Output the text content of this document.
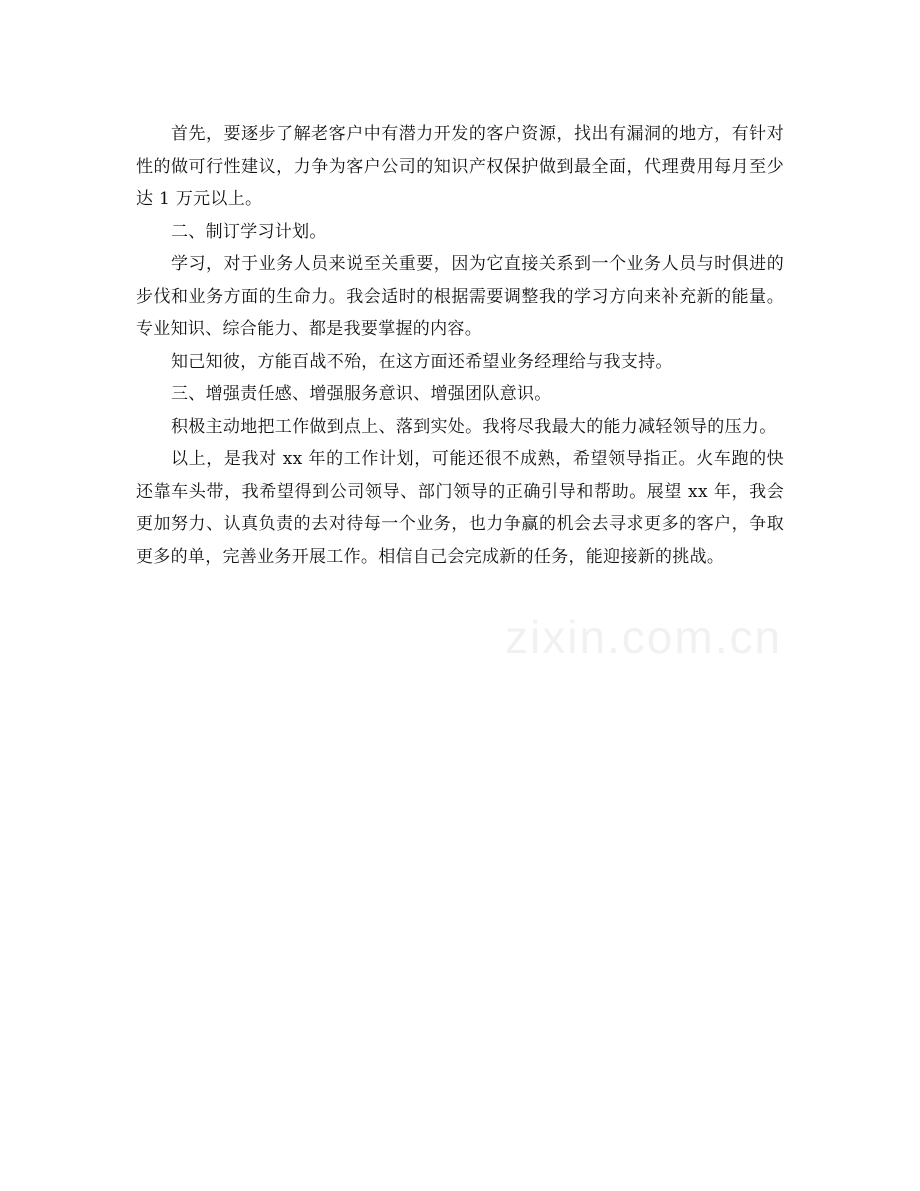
首先，要逐步了解老客户中有潜力开发的客户资源，找出有漏洞的地方，有针对性的做可行性建议，力争为客户公司的知识产权保护做到最全面，代理费用每月至少达 1 万元以上。

二、制订学习计划。

学习，对于业务人员来说至关重要，因为它直接关系到一个业务人员与时俱进的步伐和业务方面的生命力。我会适时的根据需要调整我的学习方向来补充新的能量。专业知识、综合能力、都是我要掌握的内容。

知己知彼，方能百战不殆，在这方面还希望业务经理给与我支持。

三、增强责任感、增强服务意识、增强团队意识。

积极主动地把工作做到点上、落到实处。我将尽我最大的能力减轻领导的压力。

以上，是我对 xx 年的工作计划，可能还很不成熟，希望领导指正。火车跑的快还靠车头带，我希望得到公司领导、部门领导的正确引导和帮助。展望 xx 年，我会更加努力、认真负责的去对待每一个业务，也力争赢的机会去寻求更多的客户，争取更多的单，完善业务开展工作。相信自己会完成新的任务，能迎接新的挑战。

zixin.com.cn
